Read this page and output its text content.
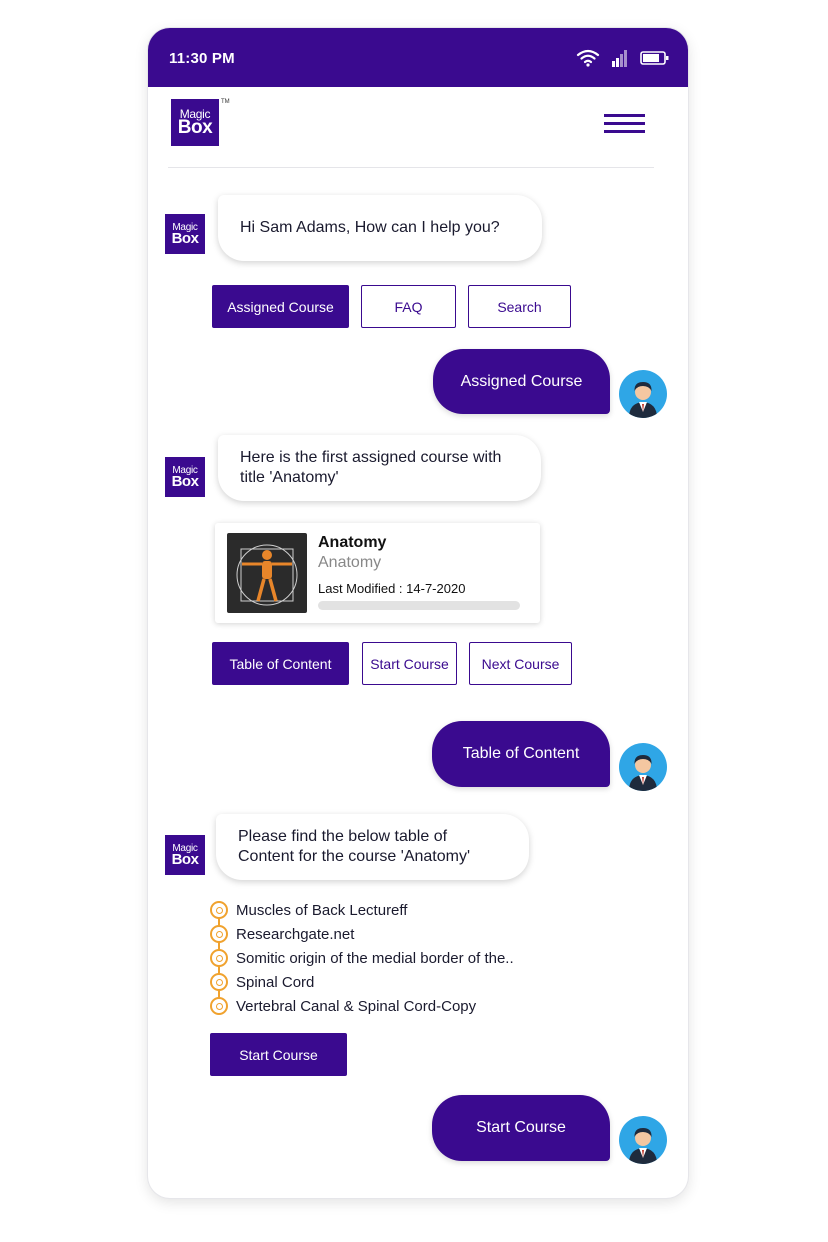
11:30 PM
Magic
Box
TM
Magic
Box
Hi Sam Adams, How can I help you?
Assigned Course	FAQ	Search
Assigned Course
Magic
Box
Here is the first assigned course with title 'Anatomy'
Anatomy
Anatomy
Last Modified : 14-7-2020
Table of Content	Start Course	Next Course
Table of Content
Magic
Box
Please find the below table of Content for the course 'Anatomy'
Muscles of Back Lectureff
Researchgate.net
Somitic origin of the medial border of the..
Spinal Cord
Vertebral Canal & Spinal Cord-Copy
Start Course
Start Course
